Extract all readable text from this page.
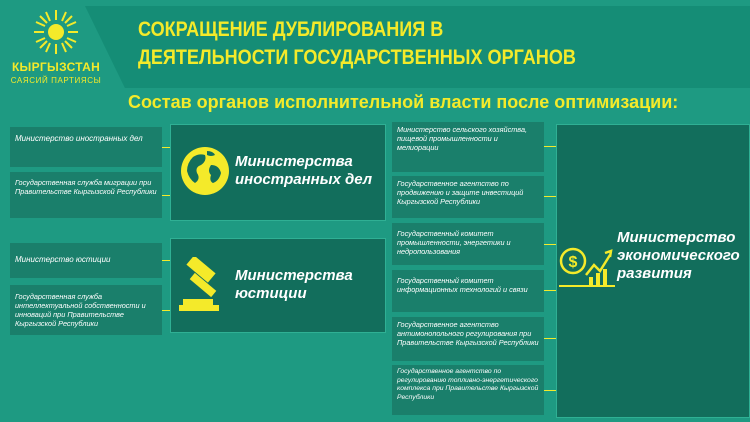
КЫРГЫЗСТАН
САЯСИЙ ПАРТИЯСЫ
СОКРАЩЕНИЕ ДУБЛИРОВАНИЯ В
ДЕЯТЕЛЬНОСТИ ГОСУДАРСТВЕННЫХ ОРГАНОВ
Состав органов исполнительной власти после оптимизации:
Министерство иностранных дел
Государственная служба миграции при Правительстве Кыргызской Республики
Министерство юстиции
Государственная служба интеллектуальной собственности и инноваций при Правительстве Кыргызской Республики
Министерства иностранных дел
Министерства юстиции
Министерство сельского хозяйства, пищевой промышленности и мелиорации
Государственное агентство по продвижению и защите инвестиций Кыргызской Республики
Государственный комитет промышленности, энергетики и недропользования
Государственный комитет информационных технологий и связи
Государственное агентство антимонопольного регулирования при Правительстве Кыргызской Республики
Государственное агентство по регулированию топливно-энергетического комплекса при Правительстве Кыргызской Республики
$
Министерство экономического развития
